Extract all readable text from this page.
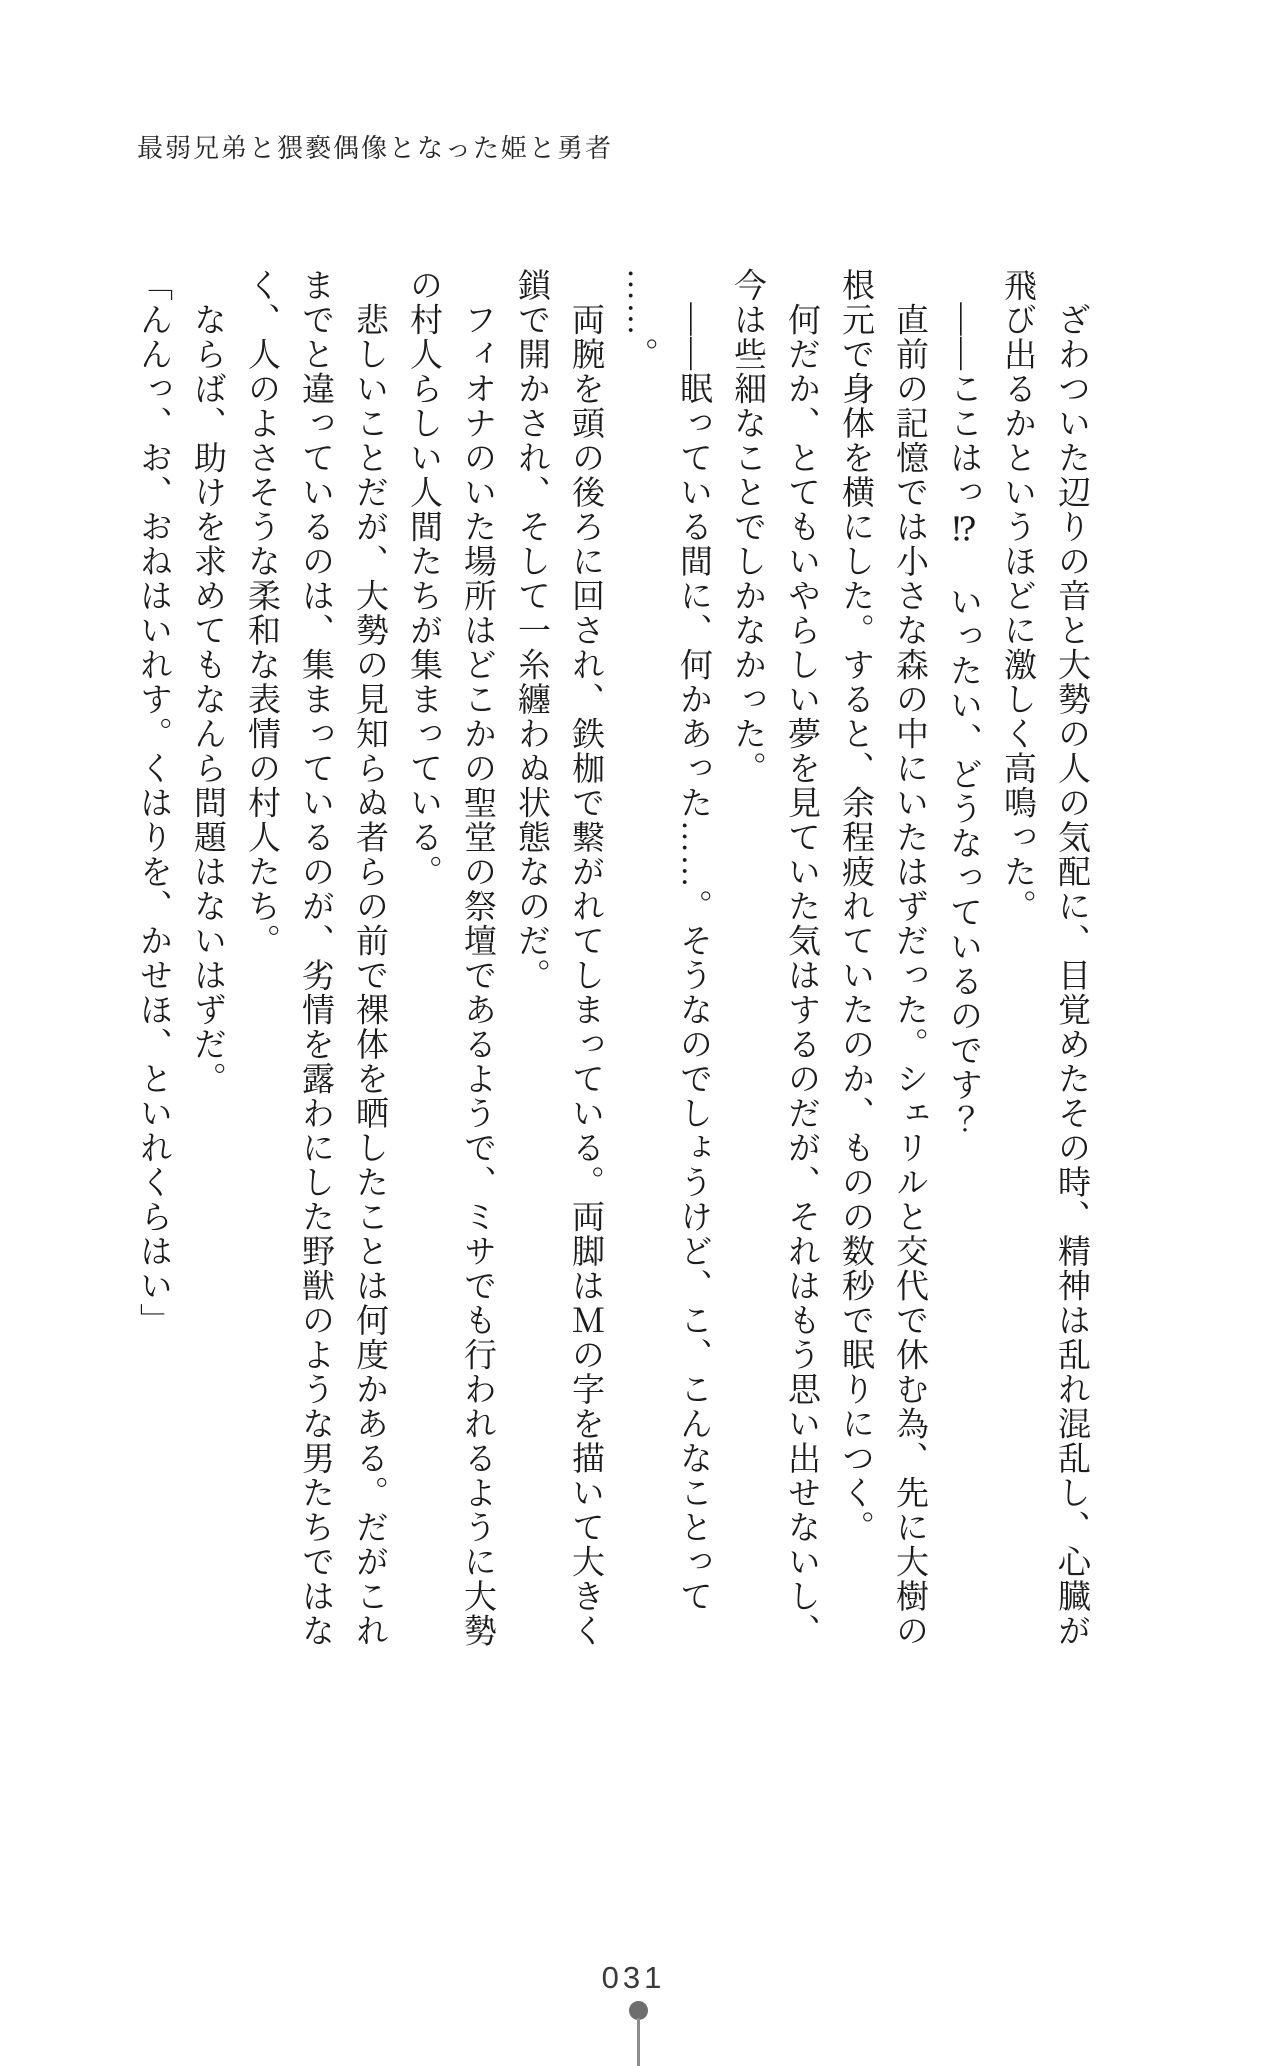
最弱兄弟と猥褻偶像となった姫と勇者
　ざわついた辺りの音と大勢の人の気配に、目覚めたその時、精神は乱れ混乱し、心臓が
飛び出るかというほどに激しく高鳴った。
　――ここはっ⁉　いったい、どうなっているのです？
　直前の記憶では小さな森の中にいたはずだった。シェリルと交代で休む為、先に大樹の
根元で身体を横にした。すると、余程疲れていたのか、ものの数秒で眠りにつく。
　何だか、とてもいやらしい夢を見ていた気はするのだが、それはもう思い出せないし、
今は些細なことでしかなかった。
　――眠っている間に、何かあった……。そうなのでしょうけど、こ、こんなことって
……。
　両腕を頭の後ろに回され、鉄枷で繋がれてしまっている。両脚はＭの字を描いて大きく
鎖で開かされ、そして一糸纏わぬ状態なのだ。
　フィオナのいた場所はどこかの聖堂の祭壇であるようで、ミサでも行われるように大勢
の村人らしい人間たちが集まっている。
　悲しいことだが、大勢の見知らぬ者らの前で裸体を晒したことは何度かある。だがこれ
までと違っているのは、集まっているのが、劣情を露わにした野獣のような男たちではな
く、人のよさそうな柔和な表情の村人たち。
　ならば、助けを求めてもなんら問題はないはずだ。
「んんっ、お、おねはいれす。くはりを、かせほ、といれくらはい」
031
